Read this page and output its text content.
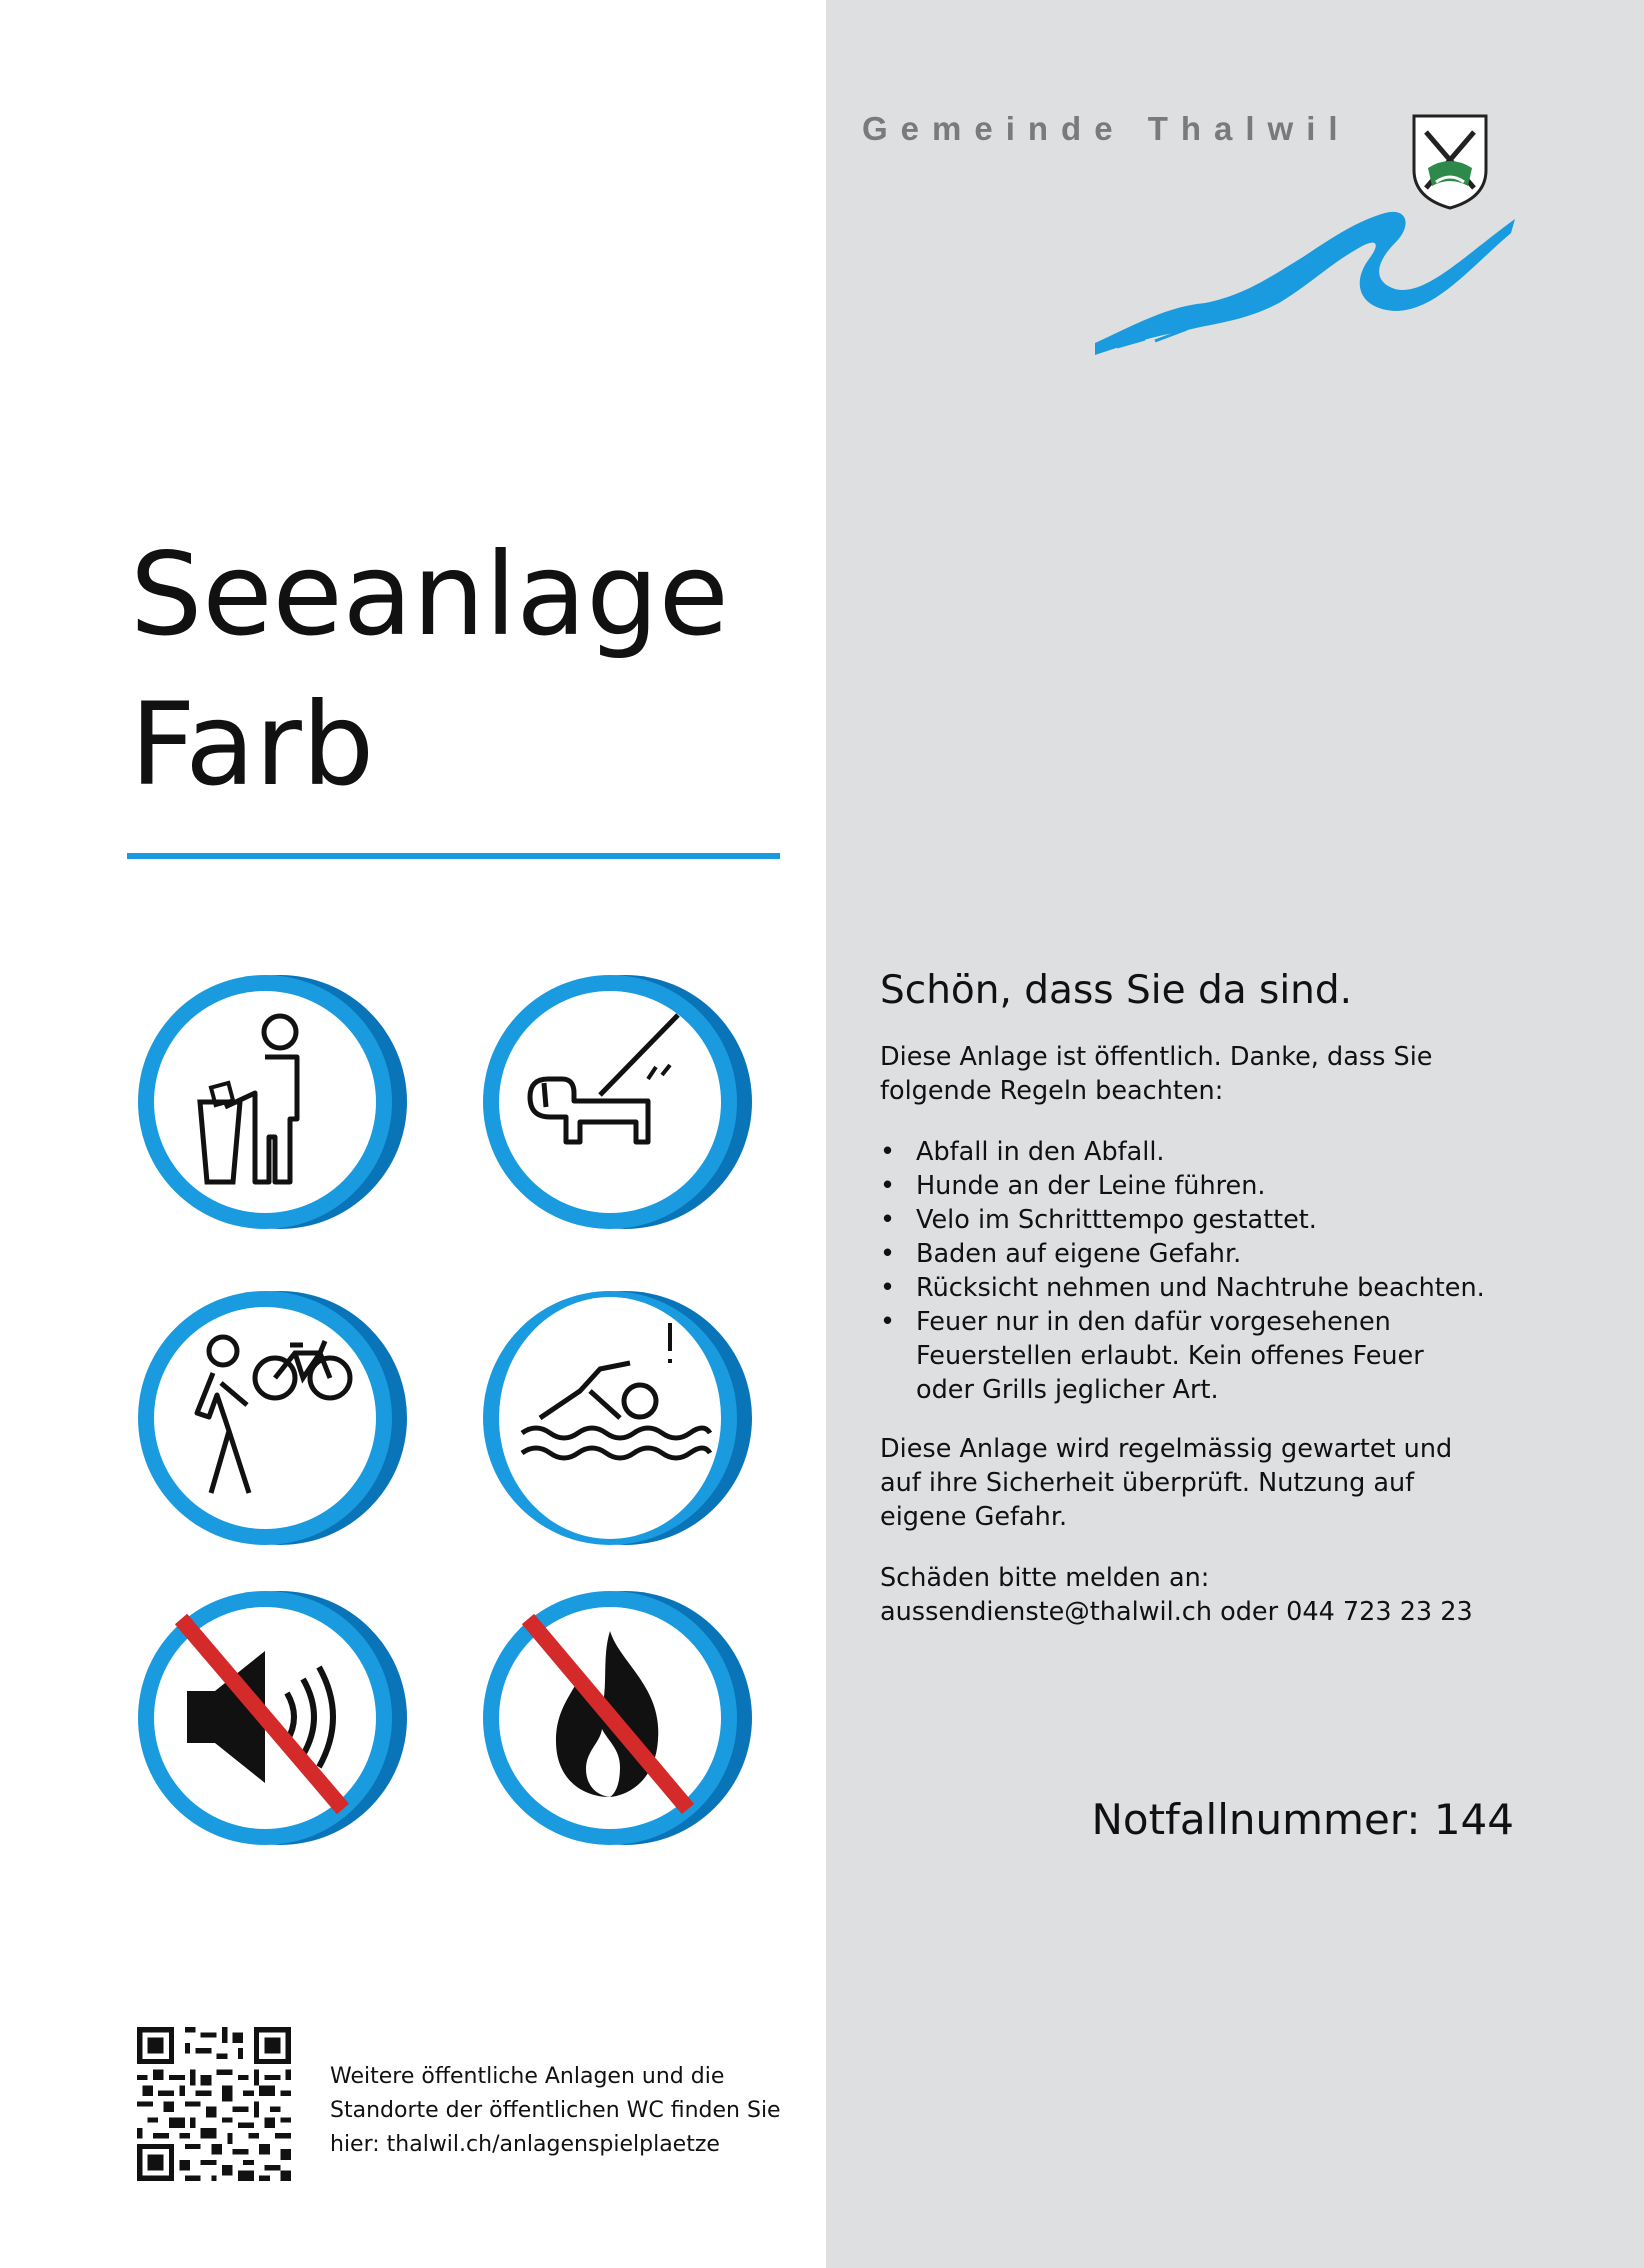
Gemeinde Thalwil
Seeanlage
Farb
Schön, dass Sie da sind.
Diese Anlage ist öffentlich. Danke, dass Sie
folgende Regeln beachten:
• Abfall in den Abfall.
• Hunde an der Leine führen.
• Velo im Schritttempo gestattet.
• Baden auf eigene Gefahr.
• Rücksicht nehmen und Nachtruhe beachten.
• Feuer nur in den dafür vorgesehenen
Feuerstellen erlaubt. Kein offenes Feuer
oder Grills jeglicher Art.
Diese Anlage wird regelmässig gewartet und
auf ihre Sicherheit überprüft. Nutzung auf
eigene Gefahr.
Schäden bitte melden an:
aussendienste@thalwil.ch oder 044 723 23 23
Notfallnummer: 144
Weitere öffentliche Anlagen und die
Standorte der öffentlichen WC finden Sie
hier: thalwil.ch/anlagenspielplaetze
